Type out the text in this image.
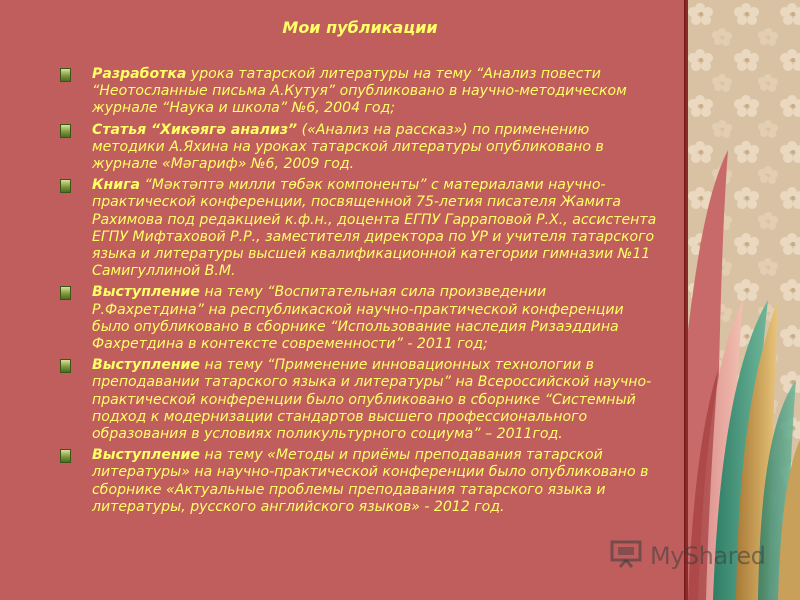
Мои публикации
Разработка урока татарской литературы на тему “Анализ повести “Неотосланные письма А.Кутуя” опубликовано в научно-методическом журнале “Наука и школа” №6, 2004 год;
Статья “Хикәягә анализ” («Анализ на рассказ») по применению методики А.Яхина на уроках татарской литературы опубликовано в журнале «Мәгариф» №6, 2009 год.
Книга “Мәктәптә милли төбәк компоненты” с материалами научно-практической конференции, посвященной 75-летия писателя Жамита Рахимова под редакцией к.ф.н., доцента ЕГПУ Гарраповой Р.Х., ассистента ЕГПУ Мифтаховой Р.Р., заместителя директора по УР и учителя татарского языка и литературы высшей квалификационной категории гимназии №11 Самигуллиной В.М.
Выступление на тему “Воспитательная сила произведении Р.Фахретдина” на республикаской научно-практической конференции было опубликовано в сборнике “Использование наследия Ризаэддина Фахретдина в контексте современности” - 2011 год;
Выступление на тему “Применение инновационных технологии в преподавании татарского языка и литературы” на Всероссийской научно-практической конференции было опубликовано в сборнике “Системный подход к модернизации стандартов высшего профессионального образования в условиях поликультурного социума” – 2011год.
Выступление на тему «Методы и приёмы преподавания татарской литературы» на научно-практической конференции было опубликовано в сборнике «Актуальные проблемы преподавания татарского языка и литературы, русского английского языков» - 2012 год.
MyShared
